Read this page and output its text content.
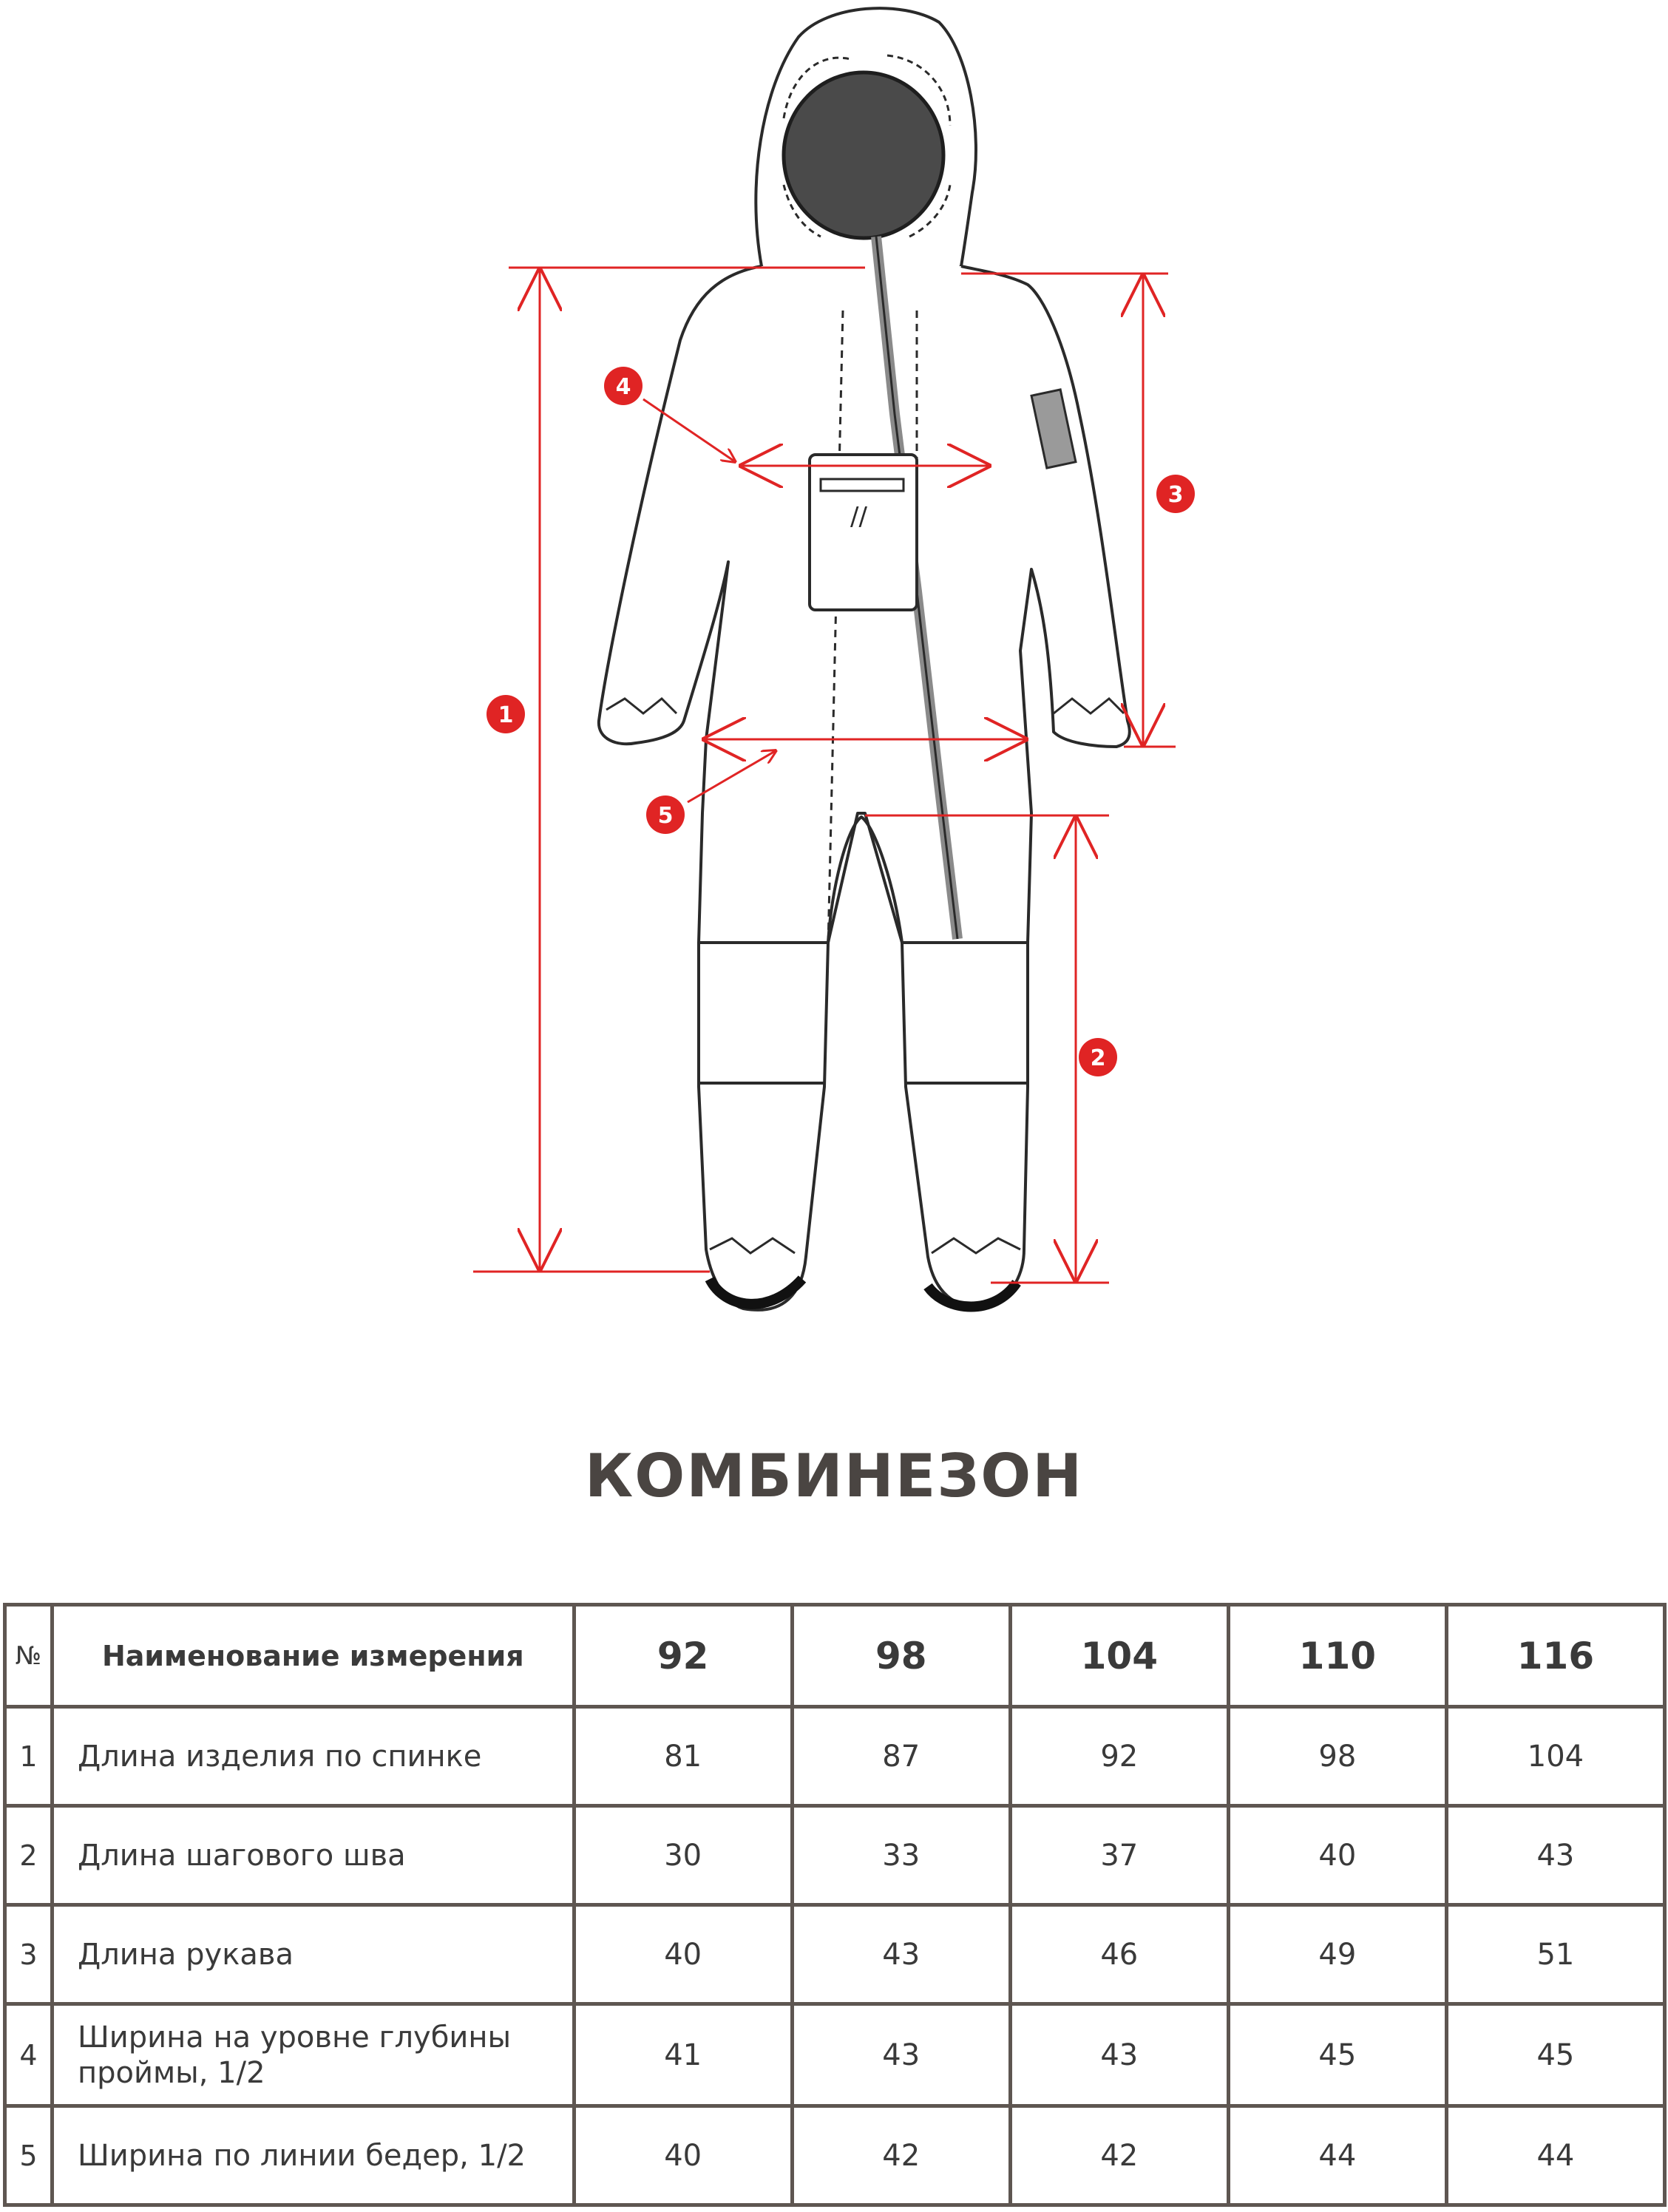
//
1
2
3
4
5
КОМБИНЕЗОН
№	Наименование измерения	92	98	104	110	116
1	Длина изделия по спинке	81	87	92	98	104
2	Длина шагового шва	30	33	37	40	43
3	Длина рукава	40	43	46	49	51
4	Ширина на уровне глубины проймы, 1/2	41	43	43	45	45
5	Ширина по линии бедер, 1/2	40	42	42	44	44
